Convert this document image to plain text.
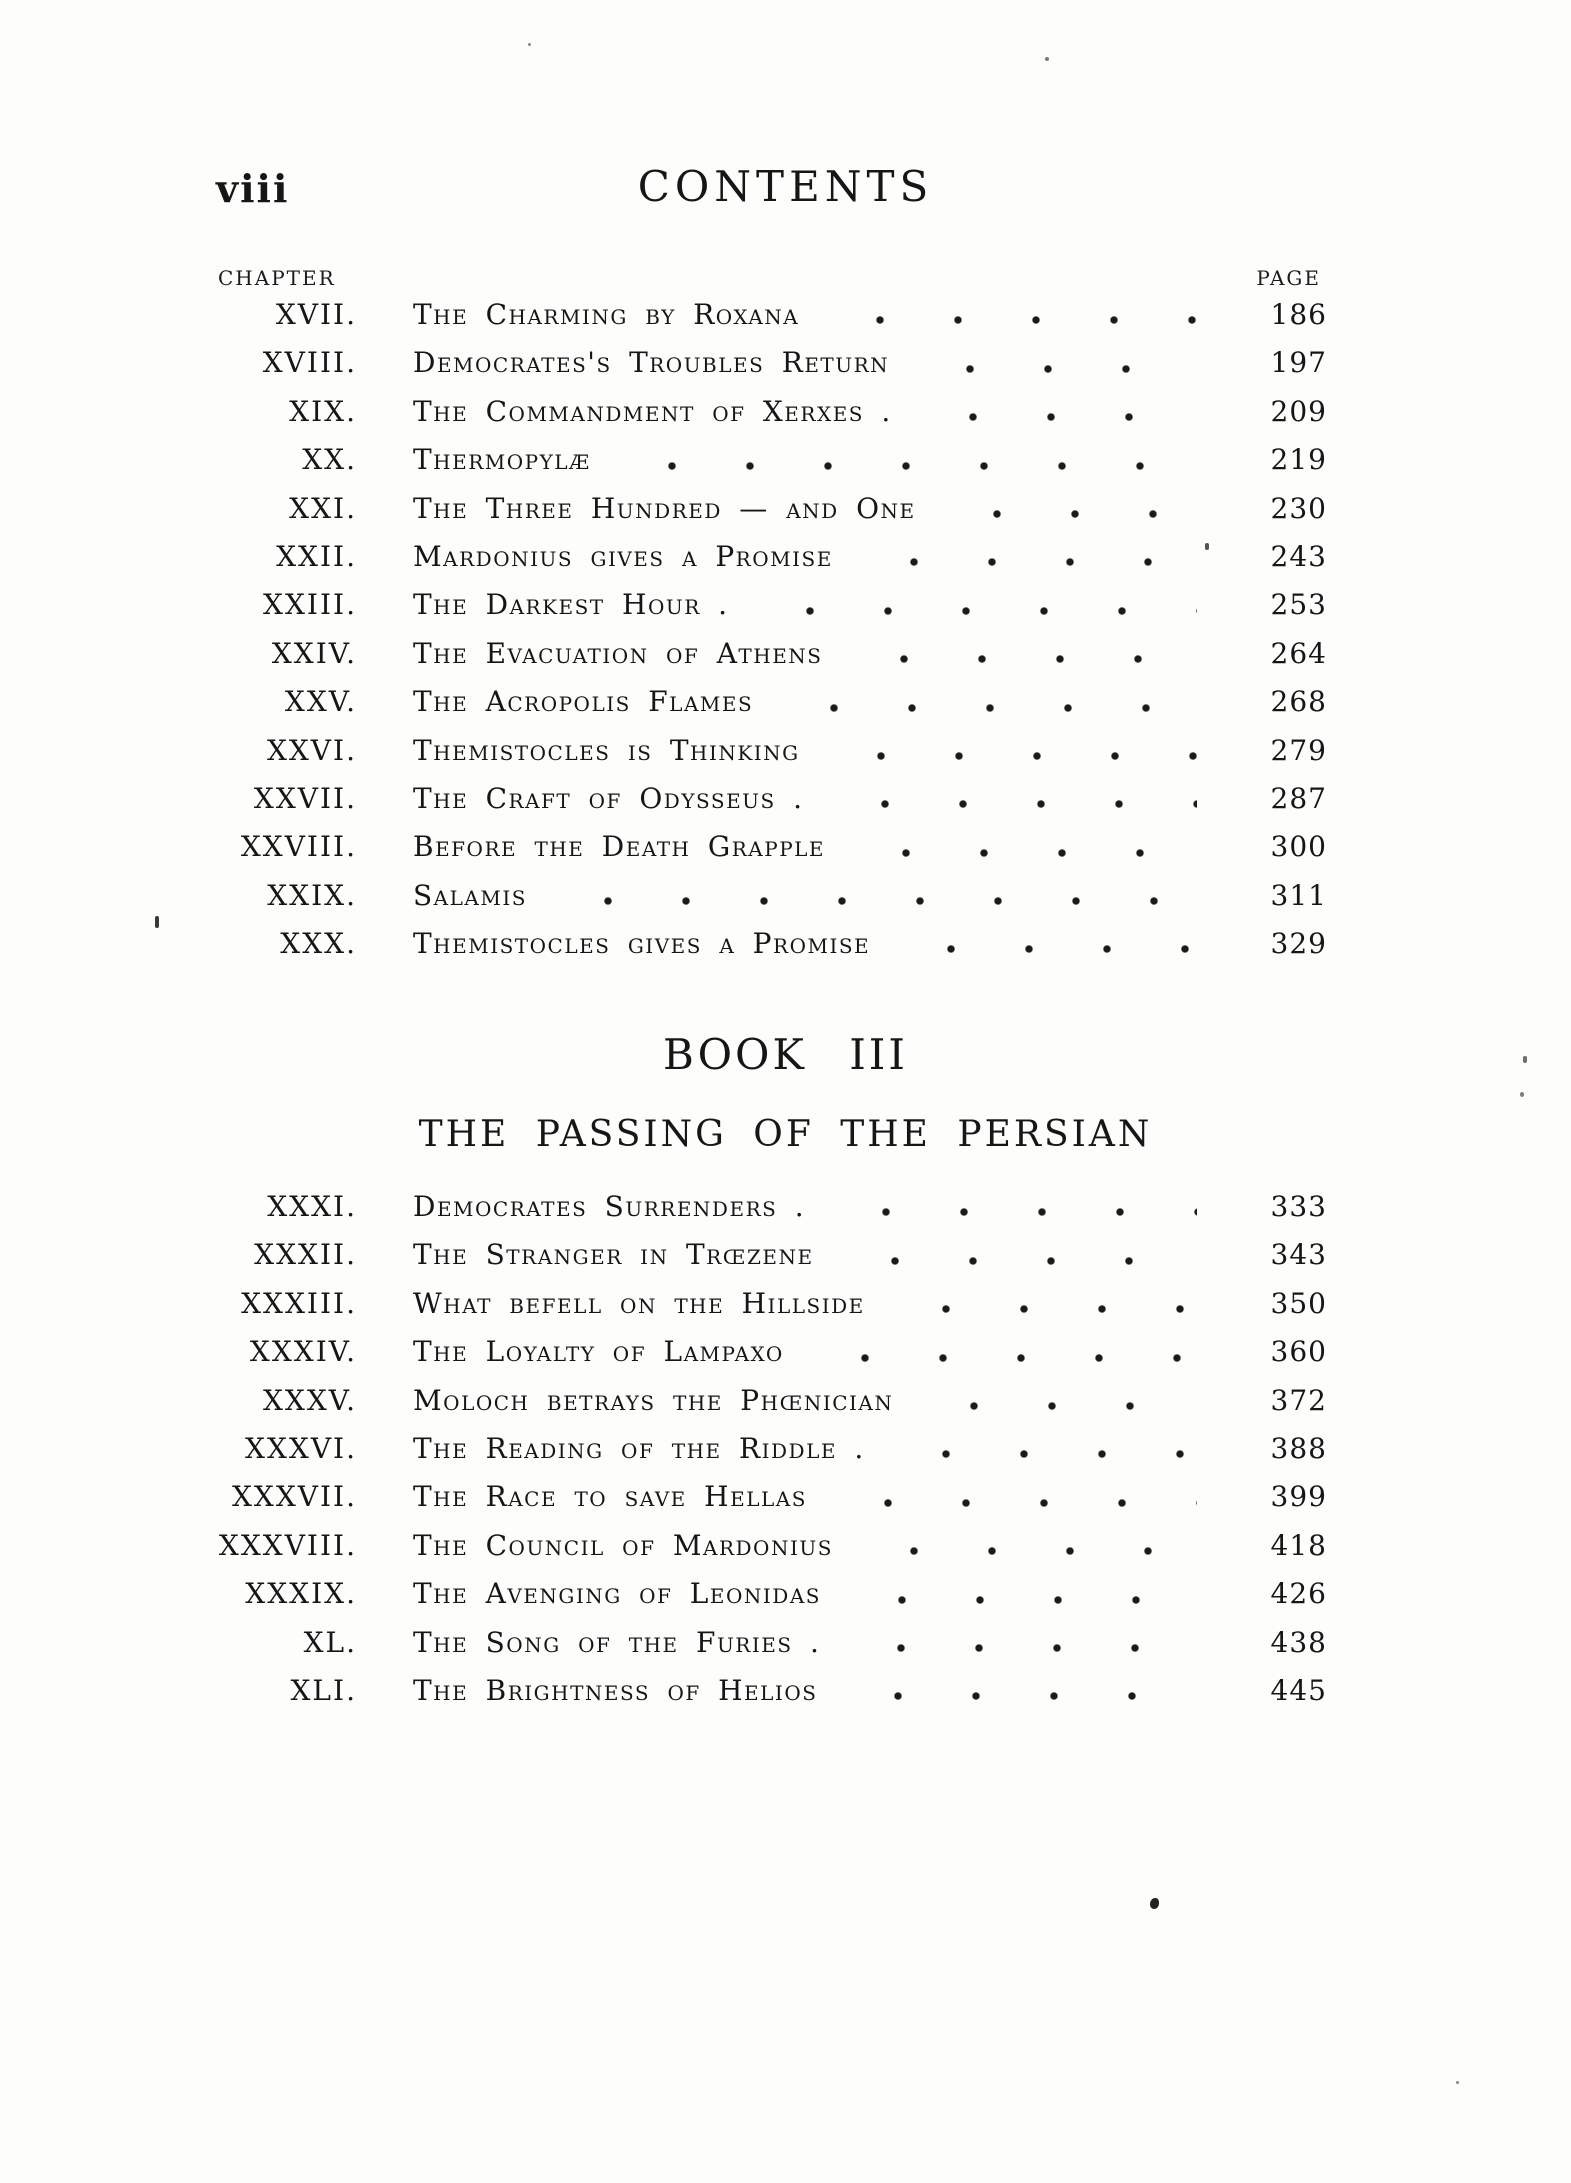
viii	CONTENTS
CHAPTER	PAGE
XVII. The Charming by Roxana	186
XVIII. Democrates's Troubles Return	197
XIX. The Commandment of Xerxes .	209
XX. Thermopylæ	219
XXI. The Three Hundred — and One	230
XXII. Mardonius gives a Promise	243
XXIII. The Darkest Hour .	253
XXIV. The Evacuation of Athens	264
XXV. The Acropolis Flames	268
XXVI. Themistocles is Thinking	279
XXVII. The Craft of Odysseus .	287
XXVIII. Before the Death Grapple	300
XXIX. Salamis	311
XXX. Themistocles gives a Promise	329
BOOK III
THE PASSING OF THE PERSIAN
XXXI. Democrates Surrenders .	333
XXXII. The Stranger in Trœzene	343
XXXIII. What befell on the Hillside	350
XXXIV. The Loyalty of Lampaxo	360
XXXV. Moloch betrays the Phœnician	372
XXXVI. The Reading of the Riddle .	388
XXXVII. The Race to save Hellas	399
XXXVIII. The Council of Mardonius	418
XXXIX. The Avenging of Leonidas	426
XL. The Song of the Furies .	438
XLI. The Brightness of Helios	445
